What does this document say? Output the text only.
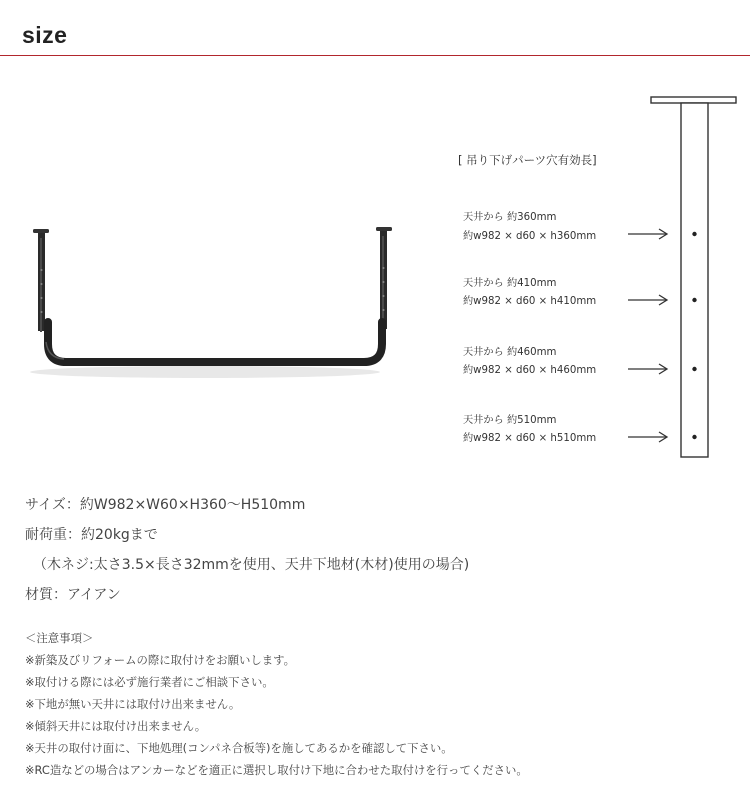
size
[ 吊り下げパーツ穴有効長]
天井から 約360mm
約w982 × d60 × h360mm
天井から 約410mm
約w982 × d60 × h410mm
天井から 約460mm
約w982 × d60 × h460mm
天井から 約510mm
約w982 × d60 × h510mm
サイズ：約W982×W60×H360～H510mm
耐荷重：約20kgまで
（木ネジ:太さ3.5×長さ32mmを使用、天井下地材(木材)使用の場合)
材質：アイアン
＜注意事項＞
※新築及びリフォームの際に取付けをお願いします。
※取付ける際には必ず施行業者にご相談下さい。
※下地が無い天井には取付け出来ません。
※傾斜天井には取付け出来ません。
※天井の取付け面に、下地処理(コンパネ合板等)を施してあるかを確認して下さい。
※RC造などの場合はアンカーなどを適正に選択し取付け下地に合わせた取付けを行ってください。
